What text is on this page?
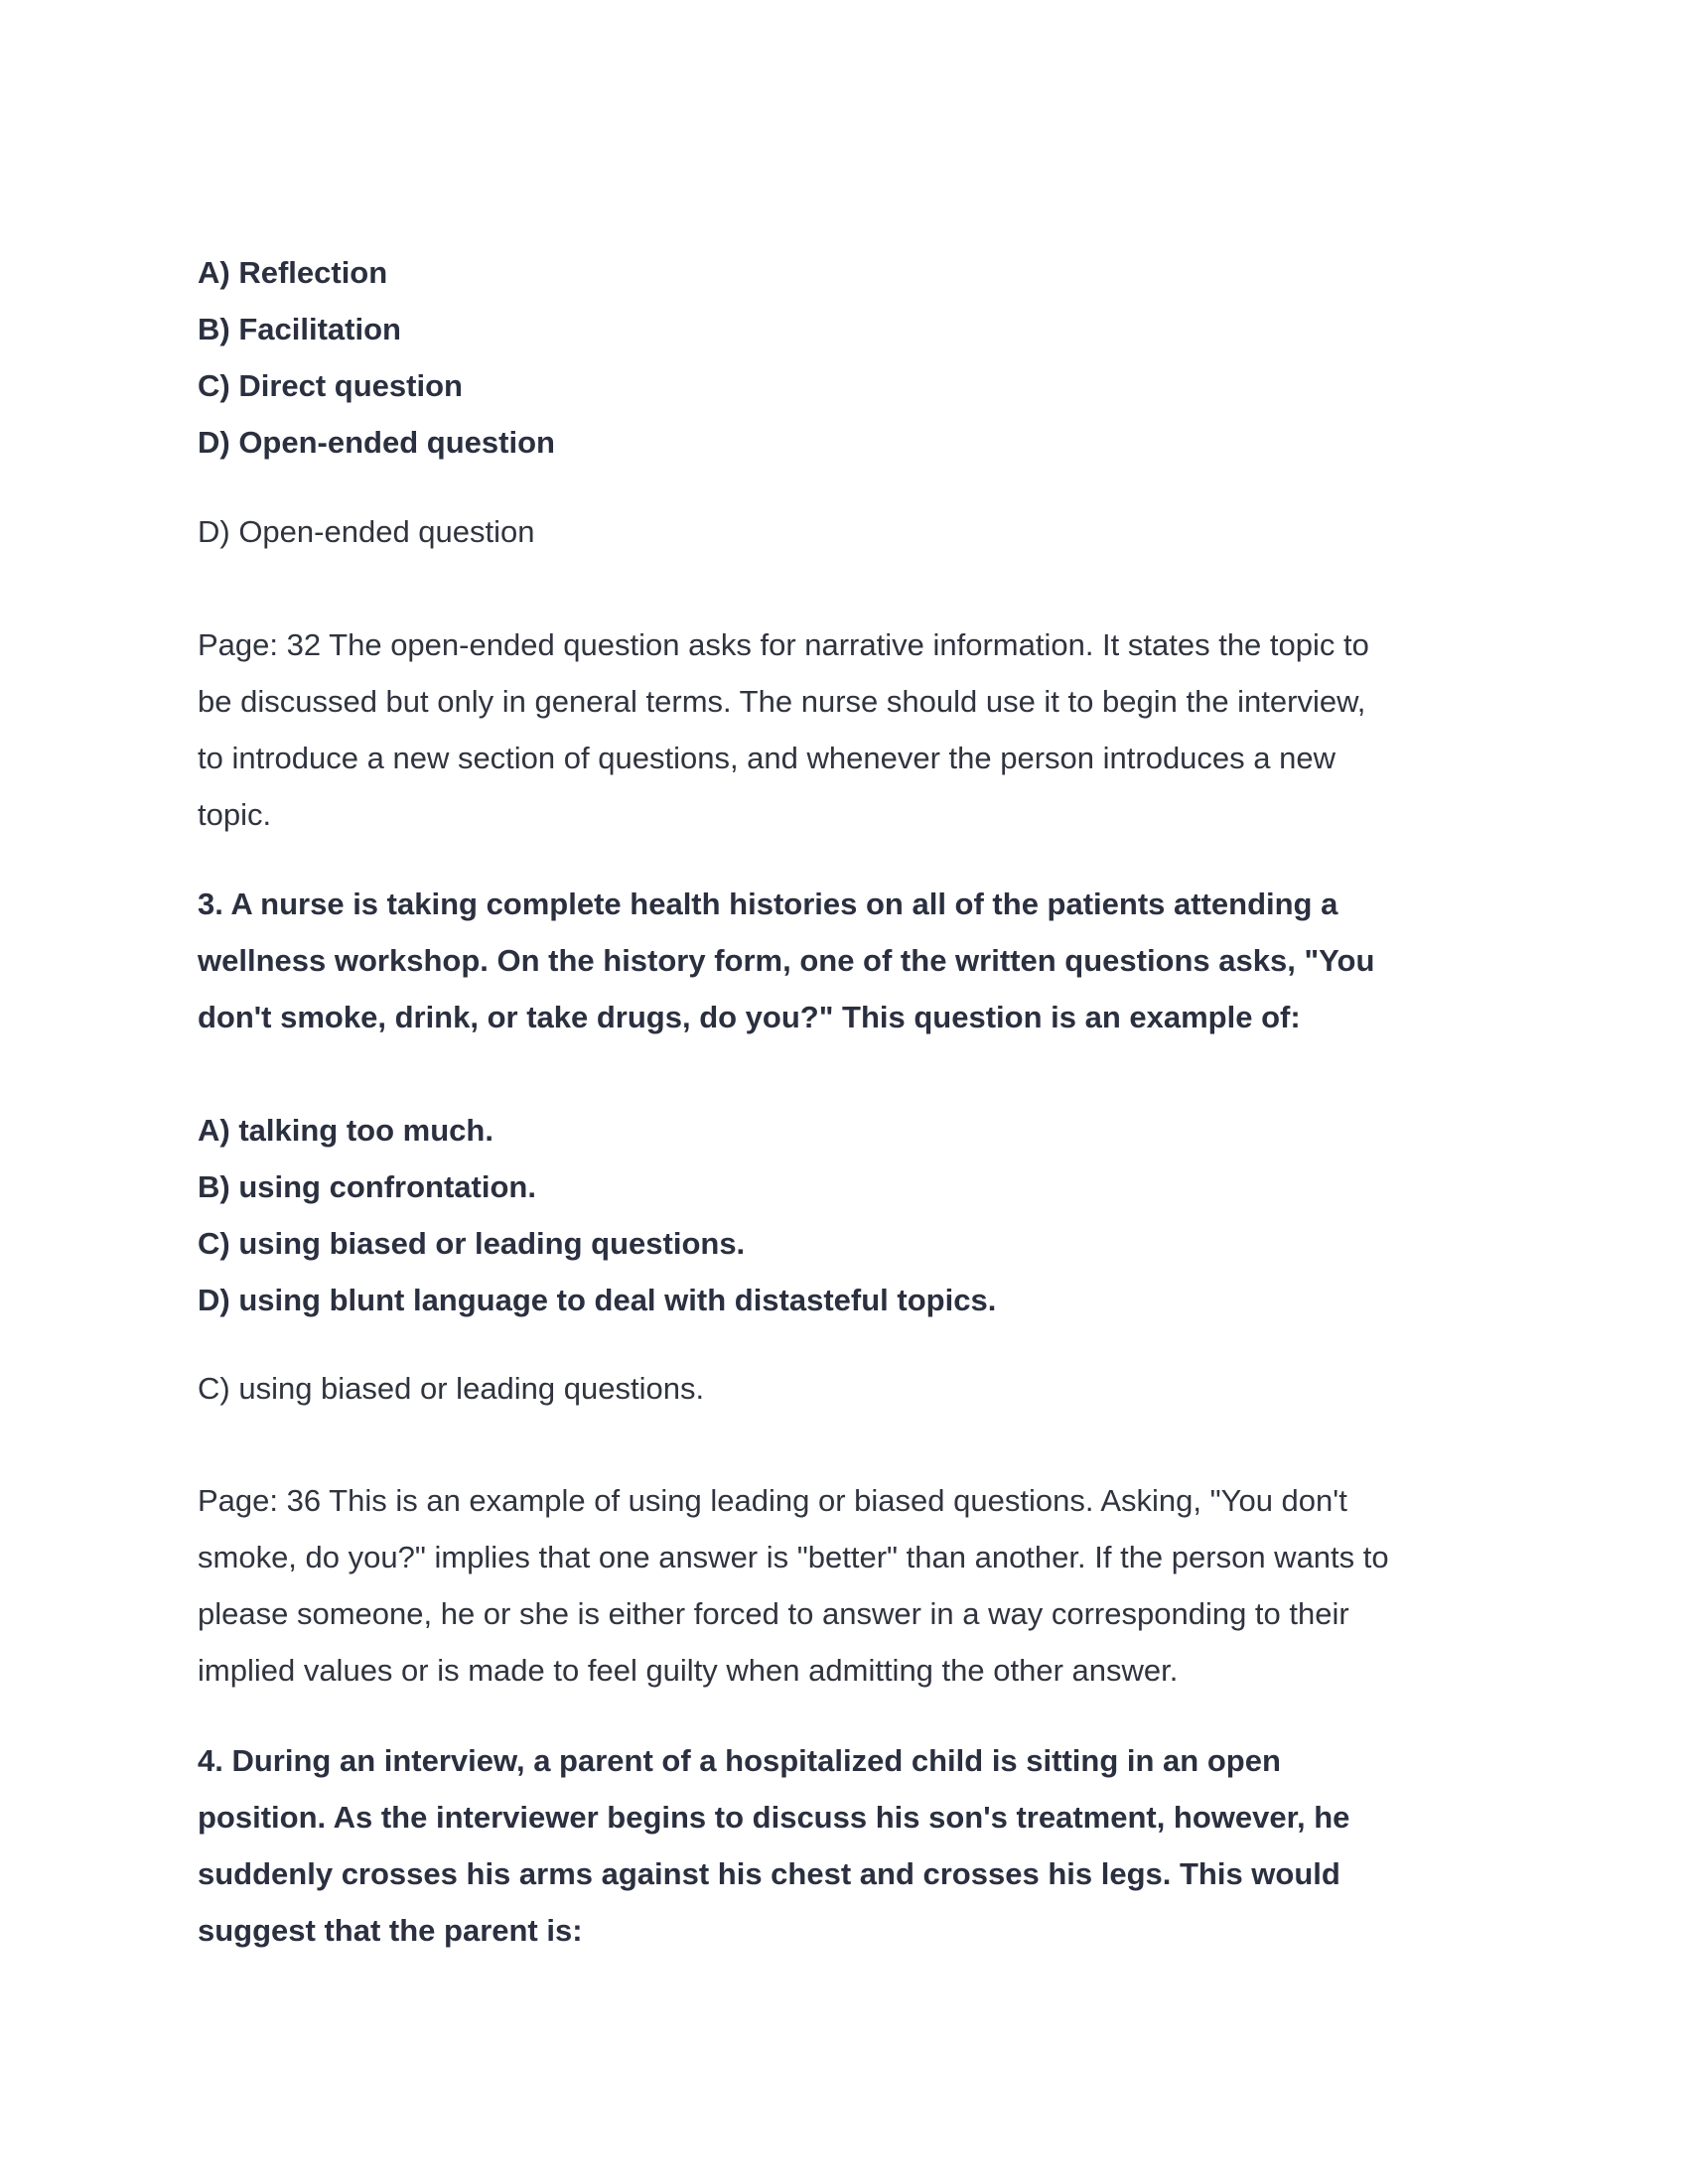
A) Reflection
B) Facilitation
C) Direct question
D) Open-ended question
D) Open-ended question
Page: 32 The open-ended question asks for narrative information. It states the topic to
be discussed but only in general terms. The nurse should use it to begin the interview,
to introduce a new section of questions, and whenever the person introduces a new
topic.
3. A nurse is taking complete health histories on all of the patients attending a
wellness workshop. On the history form, one of the written questions asks, "You
don't smoke, drink, or take drugs, do you?" This question is an example of:
A) talking too much.
B) using confrontation.
C) using biased or leading questions.
D) using blunt language to deal with distasteful topics.
C) using biased or leading questions.
Page: 36 This is an example of using leading or biased questions. Asking, "You don't
smoke, do you?" implies that one answer is "better" than another. If the person wants to
please someone, he or she is either forced to answer in a way corresponding to their
implied values or is made to feel guilty when admitting the other answer.
4. During an interview, a parent of a hospitalized child is sitting in an open
position. As the interviewer begins to discuss his son's treatment, however, he
suddenly crosses his arms against his chest and crosses his legs. This would
suggest that the parent is:
